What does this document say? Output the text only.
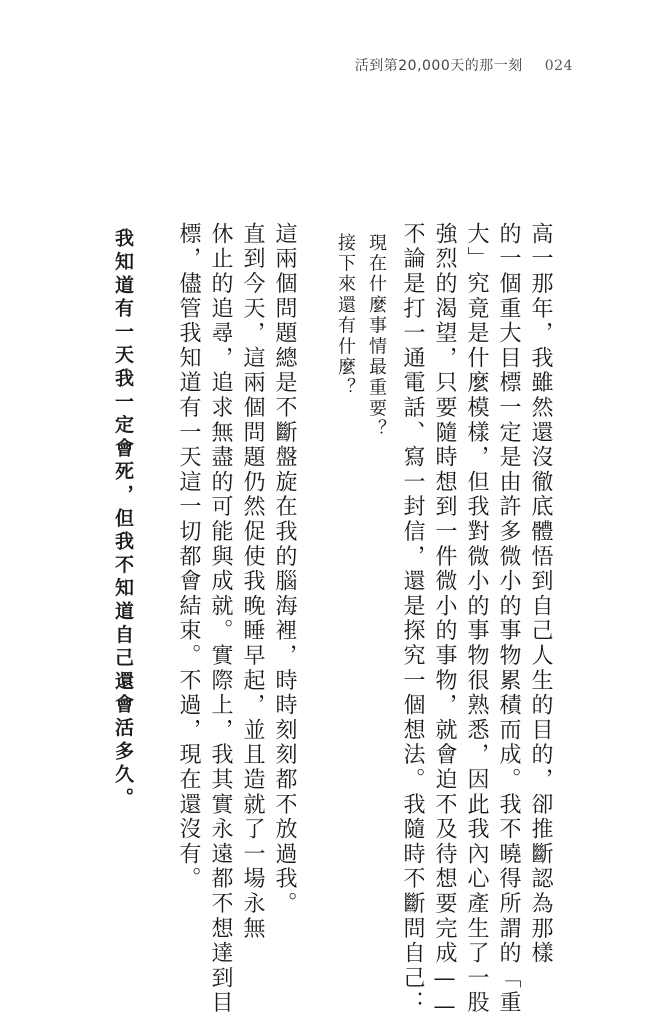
活到第20,000天的那一刻 024
高一那年，我雖然還沒徹底體悟到自己人生的目的，卻推斷認為那樣
的一個重大目標一定是由許多微小的事物累積而成。我不曉得所謂的「重
大」究竟是什麼模樣，但我對微小的事物很熟悉，因此我內心產生了一股
強烈的渴望，只要隨時想到一件微小的事物，就會迫不及待想要完成——
不論是打一通電話、寫一封信，還是探究一個想法。我隨時不斷問自己：
現在什麼事情最重要？
接下來還有什麼？
這兩個問題總是不斷盤旋在我的腦海裡，時時刻刻都不放過我。
直到今天，這兩個問題仍然促使我晚睡早起，並且造就了一場永無
休止的追尋，追求無盡的可能與成就。實際上，我其實永遠都不想達到目
標，儘管我知道有一天這一切都會結束。不過，現在還沒有。
我知道有一天我一定會死，但我不知道自己還會活多久。
